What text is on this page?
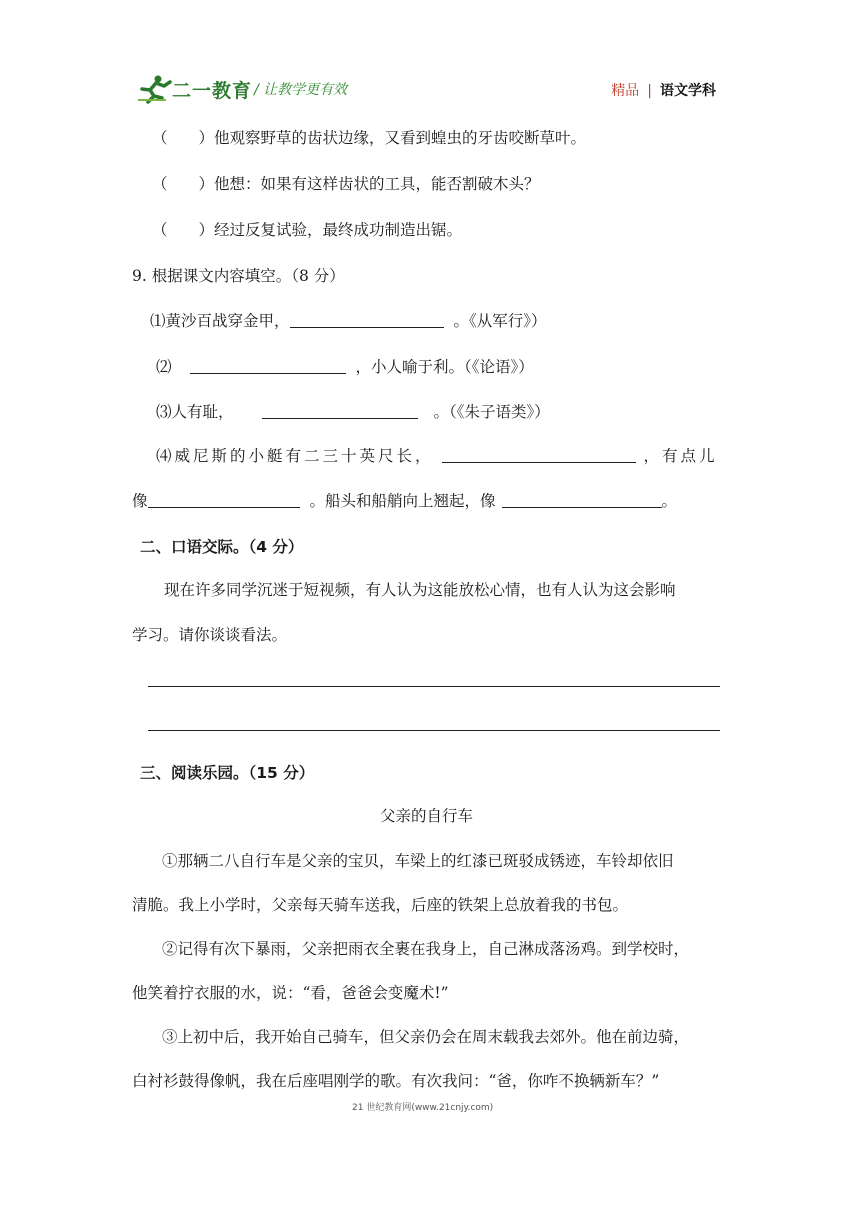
二一教育 / 让教学更有效	精品 | 语文学科
（　　）他观察野草的齿状边缘，又看到蝗虫的牙齿咬断草叶。
（　　）他想：如果有这样齿状的工具，能否割破木头？
（　　）经过反复试验，最终成功制造出锯。
9. 根据课文内容填空。（8 分）
⑴黄沙百战穿金甲，	。《从军行》）
⑵	，小人喻于利。（《论语》）
⑶人有耻，	。（《朱子语类》）
⑷威尼斯的小艇有二三十英尺长，	，有点儿
像	。船头和船艄向上翘起，像	。
二、口语交际。（4 分）
现在许多同学沉迷于短视频，有人认为这能放松心情，也有人认为这会影响
学习。请你谈谈看法。
三、阅读乐园。（15 分）
父亲的自行车
①那辆二八自行车是父亲的宝贝，车梁上的红漆已斑驳成锈迹，车铃却依旧
清脆。我上小学时，父亲每天骑车送我，后座的铁架上总放着我的书包。
②记得有次下暴雨，父亲把雨衣全裹在我身上，自己淋成落汤鸡。到学校时，
他笑着拧衣服的水，说：“看，爸爸会变魔术!”
③上初中后，我开始自己骑车，但父亲仍会在周末载我去郊外。他在前边骑，
白衬衫鼓得像帆，我在后座唱刚学的歌。有次我问：“爸，你咋不换辆新车？”
21 世纪教育网(www.21cnjy.com)
